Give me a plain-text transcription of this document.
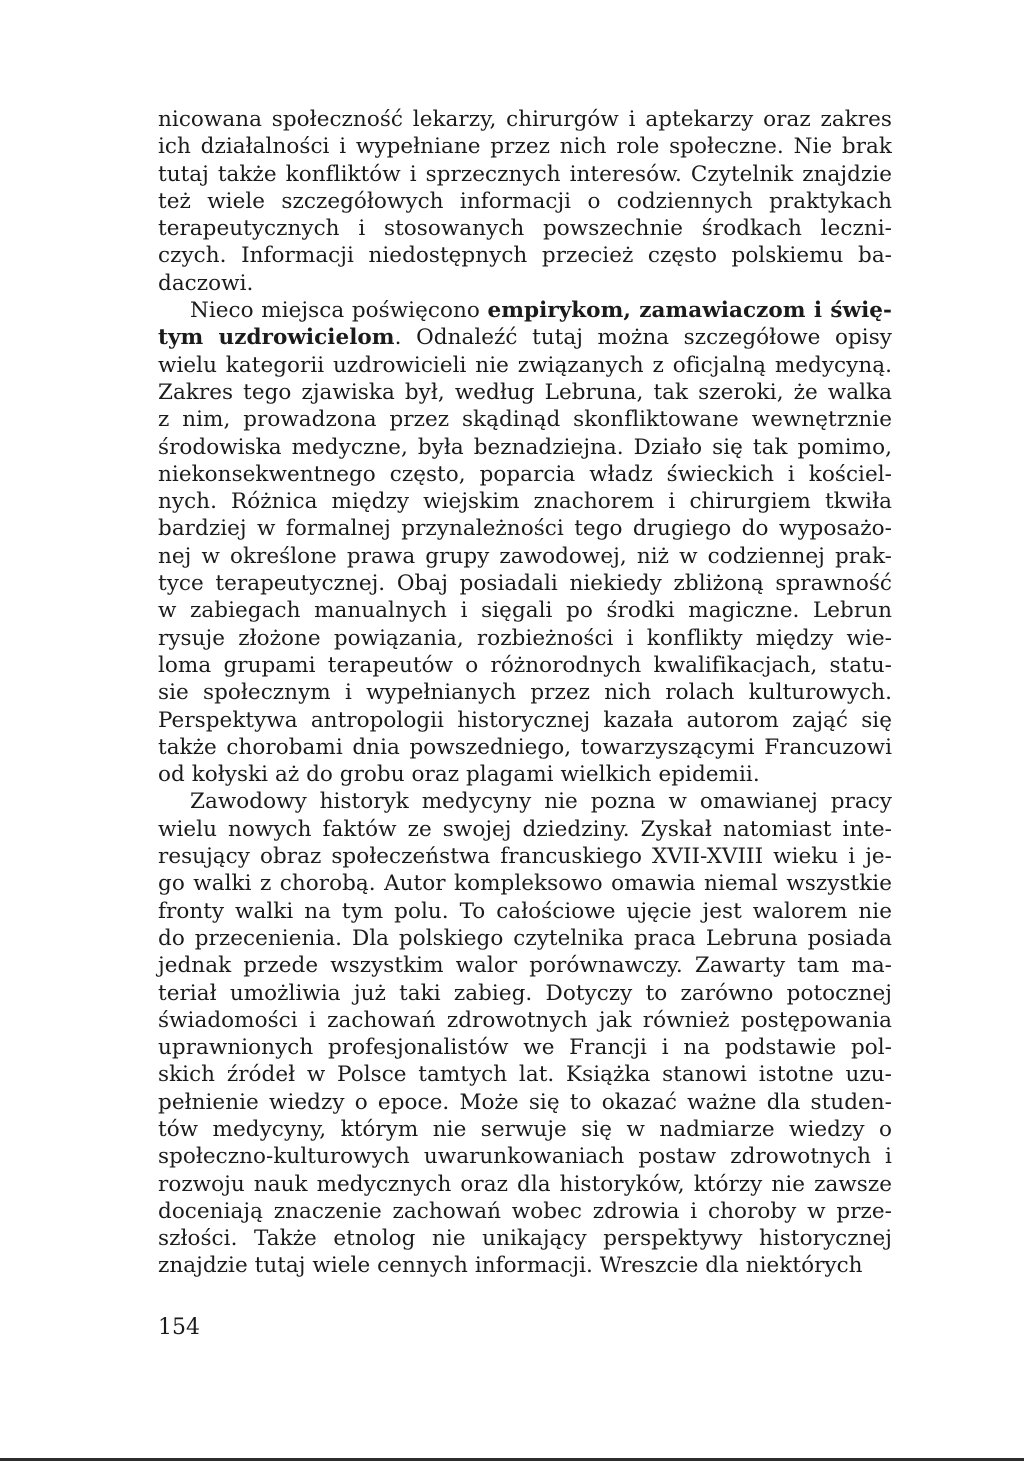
nicowana społeczność lekarzy, chirurgów i aptekarzy oraz zakres
ich działalności i wypełniane przez nich role społeczne. Nie brak
tutaj także konfliktów i sprzecznych interesów. Czytelnik znajdzie
też wiele szczegółowych informacji o codziennych praktykach
terapeutycznych i stosowanych powszechnie środkach leczni-
czych. Informacji niedostępnych przecież często polskiemu ba-
daczowi.
Nieco miejsca poświęcono empirykom, zamawiaczom i świę-
tym uzdrowicielom. Odnaleźć tutaj można szczegółowe opisy
wielu kategorii uzdrowicieli nie związanych z oficjalną medycyną.
Zakres tego zjawiska był, według Lebruna, tak szeroki, że walka
z nim, prowadzona przez skądinąd skonfliktowane wewnętrznie
środowiska medyczne, była beznadziejna. Działo się tak pomimo,
niekonsekwentnego często, poparcia władz świeckich i kościel-
nych. Różnica między wiejskim znachorem i chirurgiem tkwiła
bardziej w formalnej przynależności tego drugiego do wyposażo-
nej w określone prawa grupy zawodowej, niż w codziennej prak-
tyce terapeutycznej. Obaj posiadali niekiedy zbliżoną sprawność
w zabiegach manualnych i sięgali po środki magiczne. Lebrun
rysuje złożone powiązania, rozbieżności i konflikty między wie-
loma grupami terapeutów o różnorodnych kwalifikacjach, statu-
sie społecznym i wypełnianych przez nich rolach kulturowych.
Perspektywa antropologii historycznej kazała autorom zająć się
także chorobami dnia powszedniego, towarzyszącymi Francuzowi
od kołyski aż do grobu oraz plagami wielkich epidemii.
Zawodowy historyk medycyny nie pozna w omawianej pracy
wielu nowych faktów ze swojej dziedziny. Zyskał natomiast inte-
resujący obraz społeczeństwa francuskiego XVII-XVIII wieku i je-
go walki z chorobą. Autor kompleksowo omawia niemal wszystkie
fronty walki na tym polu. To całościowe ujęcie jest walorem nie
do przecenienia. Dla polskiego czytelnika praca Lebruna posiada
jednak przede wszystkim walor porównawczy. Zawarty tam ma-
teriał umożliwia już taki zabieg. Dotyczy to zarówno potocznej
świadomości i zachowań zdrowotnych jak również postępowania
uprawnionych profesjonalistów we Francji i na podstawie pol-
skich źródeł w Polsce tamtych lat. Książka stanowi istotne uzu-
pełnienie wiedzy o epoce. Może się to okazać ważne dla studen-
tów medycyny, którym nie serwuje się w nadmiarze wiedzy o
społeczno-kulturowych uwarunkowaniach postaw zdrowotnych i
rozwoju nauk medycznych oraz dla historyków, którzy nie zawsze
doceniają znaczenie zachowań wobec zdrowia i choroby w prze-
szłości. Także etnolog nie unikający perspektywy historycznej
znajdzie tutaj wiele cennych informacji. Wreszcie dla niektórych
154
